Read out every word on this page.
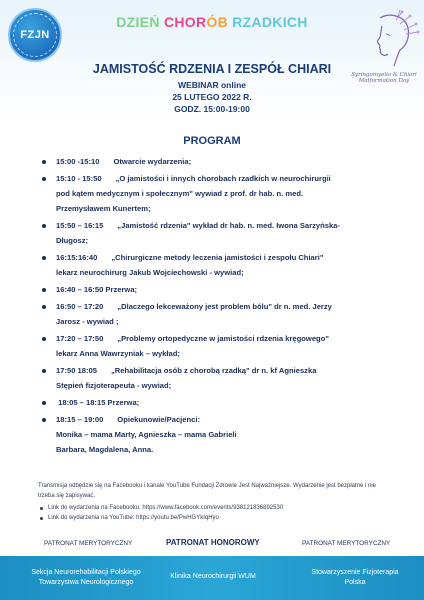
FZJN
DZIEŃ CHORÓB RZADKICH
Syringomyelia & Chiari Malformation Day
JAMISTOŚĆ RDZENIA I ZESPÓŁ CHIARI
WEBINAR online
25 LUTEGO 2022 R.
GODZ. 15:00-19:00
PROGRAM
15:00 -15:10 Otwarcie wydarzenia;
15:10 - 15:50 „O jamistości i innych chorobach rzadkich w neurochirurgii
pod kątem medycznym i społecznym" wywiad z prof. dr hab. n. med.
Przemysławem Kunertem;
15:50 – 16:15 „Jamistość rdzenia" wykład dr hab. n. med. Iwona Sarzyńska-
Długosz;
16:15:16:40 „Chirurgiczne metody leczenia jamistości i zespołu Chiari"
lekarz neurochirurg Jakub Wojciechowski - wywiad;
16:40 – 16:50 Przerwa;
16:50 – 17:20 „Dlaczego lekceważony jest problem bólu" dr n. med. Jerzy
Jarosz - wywiad ;
17:20 – 17:50 „Problemy ortopedyczne w jamistości rdzenia kręgowego"
lekarz Anna Wawrzyniak – wykład;
17:50 18:05 „Rehabilitacja osób z chorobą rzadką" dr n. kf Agnieszka
Stępień fizjoterapeuta - wywiad;
18:05 – 18:15 Przerwa;
18:15 – 19:00 Opiekunowie/Pacjenci:
Monika – mama Marty, Agnieszka – mama Gabrieli
Barbara, Magdalena, Anna.

Transmisja odbędzie się na Facebooku i kanale YouTube Fundacji Zdrowie Jest Najważniejsze. Wydarzenie jest bezpłatne i nie trzeba się zapisywać.

Link do wydarzenia na Facebooku: https://www.facebook.com/events/938121836892530
Link do wydarzenia na YouTube: https://youtu.be/PwHGYkIqHyo
PATRONAT MERYTORYCZNY	PATRONAT HONOROWY	PATRONAT MERYTORYCZNY
Sekcja Neurorehabilitacji Polskiego
Towarzystwa Neurologicznego
Klinika Neurochirurgii WUM
Stowarzyszenie Fizjoterapia
Polska
